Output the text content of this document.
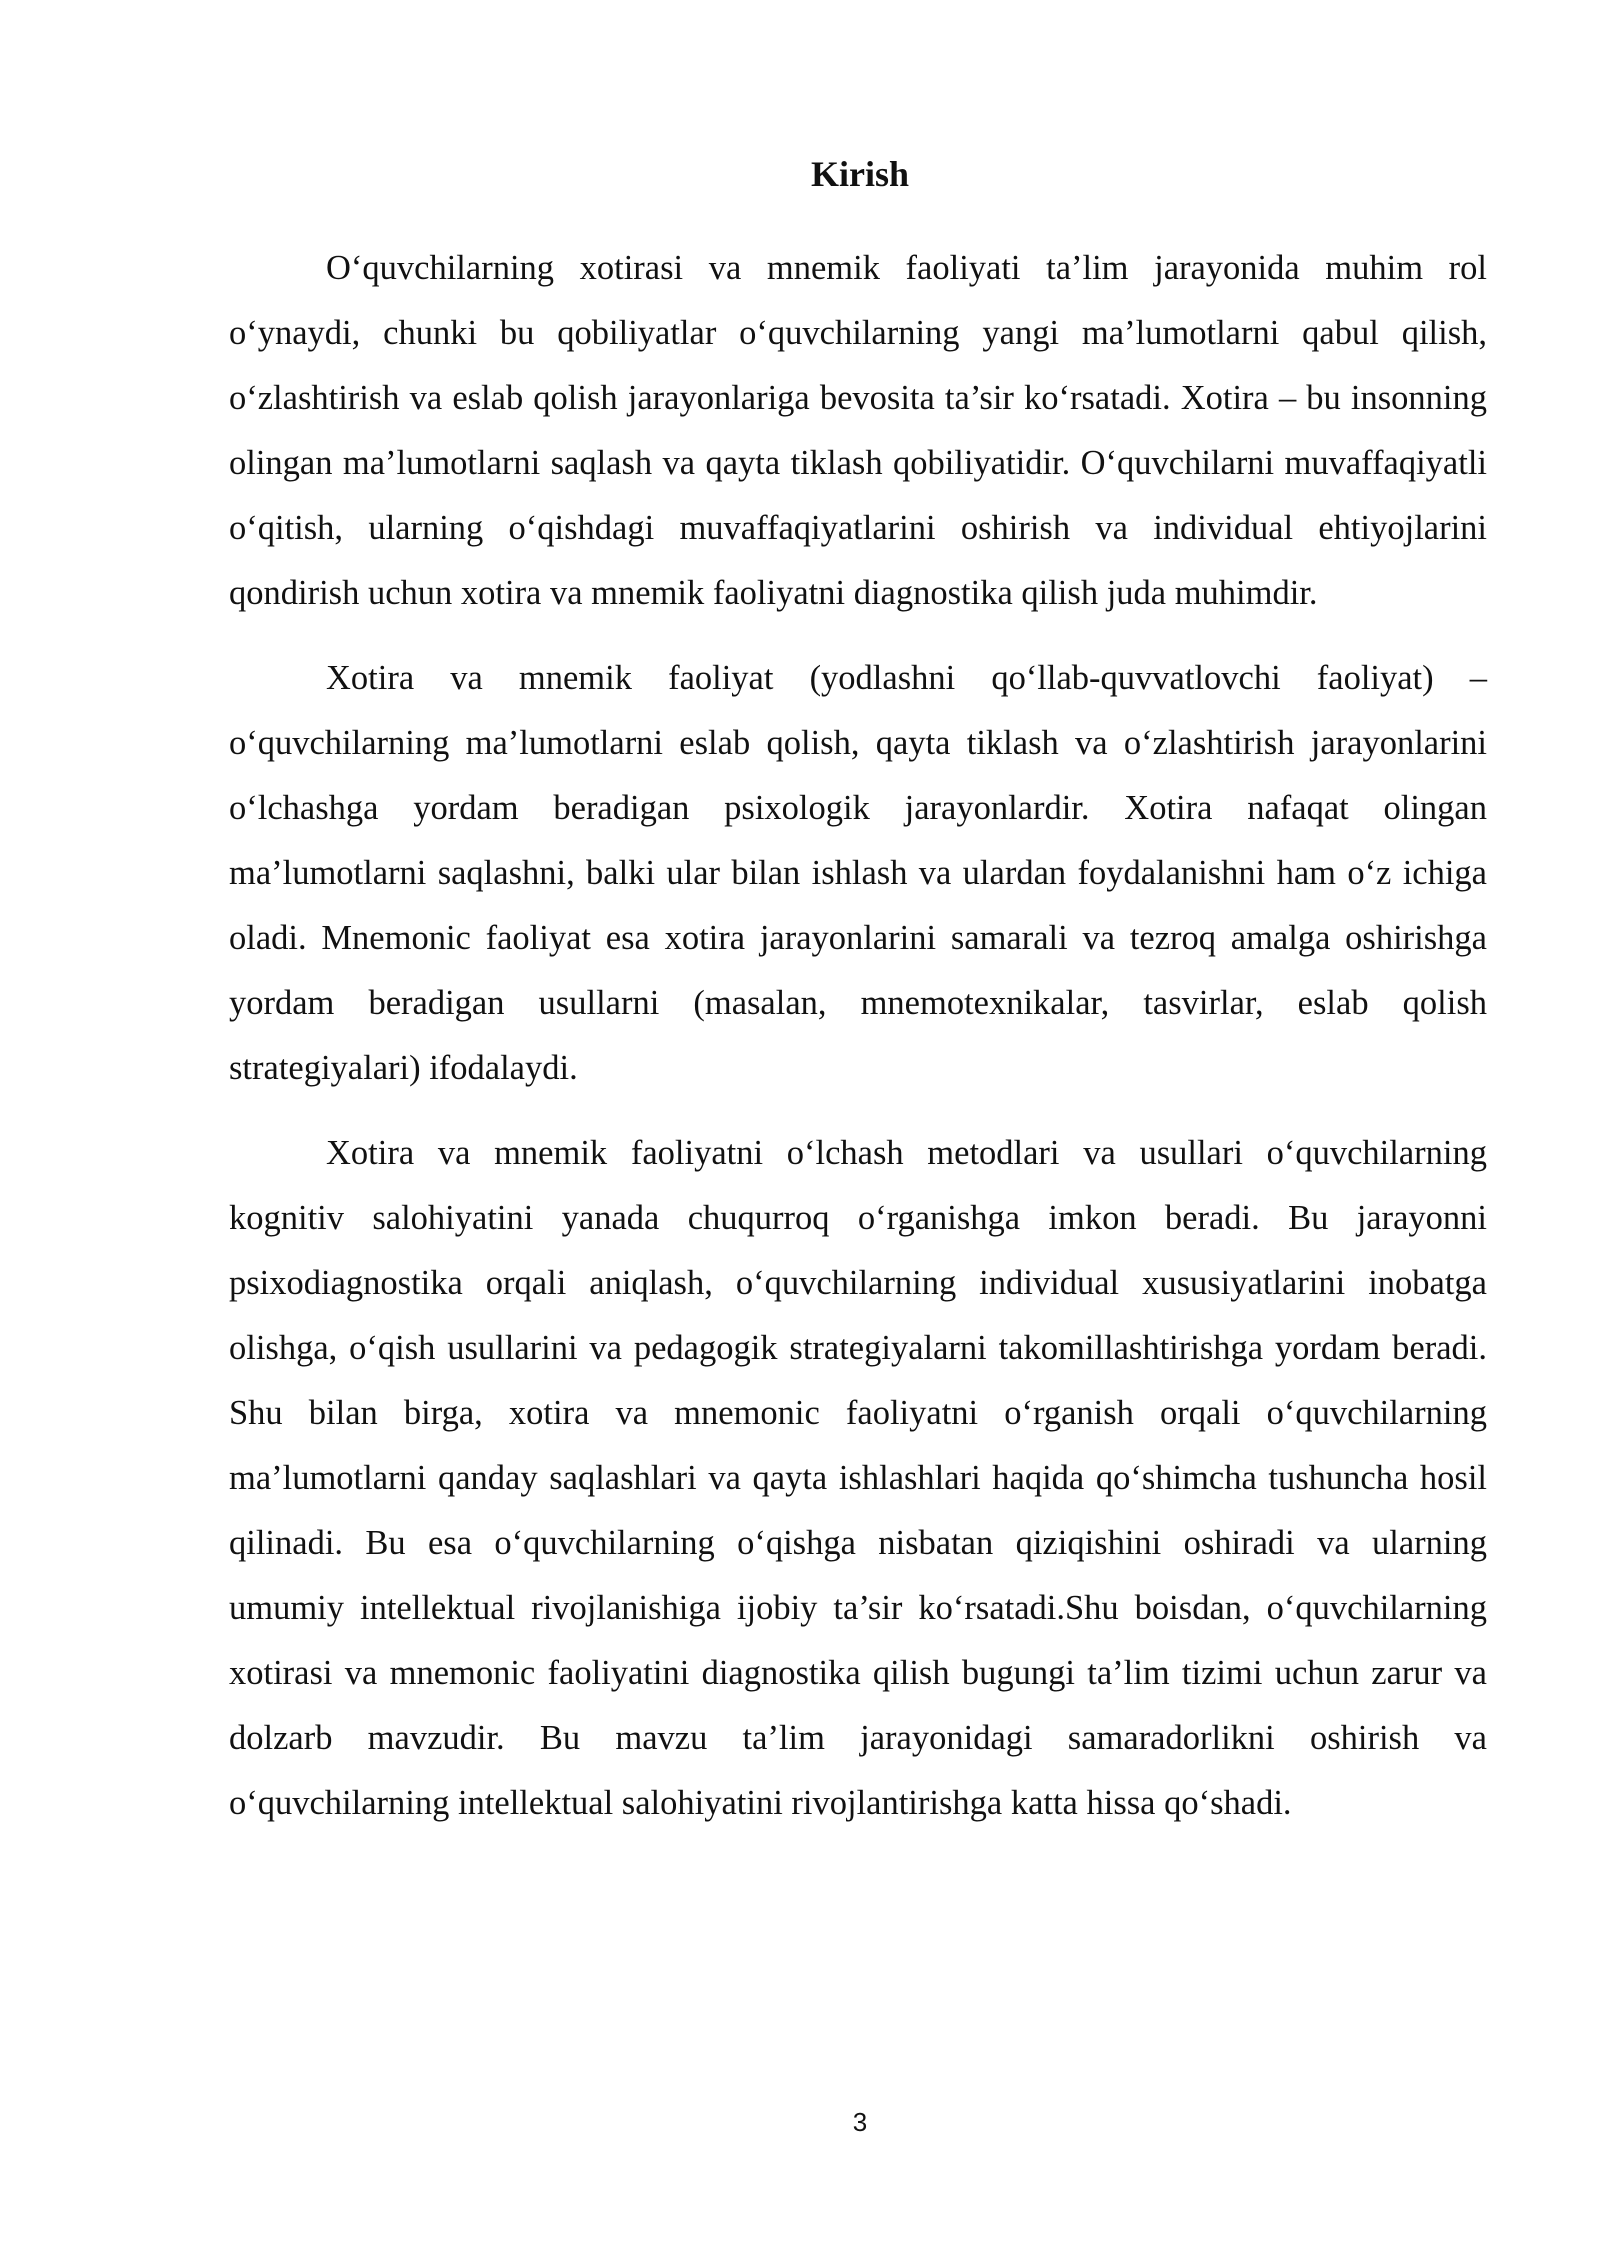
Kirish

O‘quvchilarning xotirasi va mnemik faoliyati ta’lim jarayonida muhim rol o‘ynaydi, chunki bu qobiliyatlar o‘quvchilarning yangi ma’lumotlarni qabul qilish, o‘zlashtirish va eslab qolish jarayonlariga bevosita ta’sir ko‘rsatadi. Xotira – bu insonning olingan ma’lumotlarni saqlash va qayta tiklash qobiliyatidir. O‘quvchilarni muvaffaqiyatli o‘qitish, ularning o‘qishdagi muvaffaqiyatlarini oshirish va individual ehtiyojlarini qondirish uchun xotira va mnemik faoliyatni diagnostika qilish juda muhimdir.

Xotira va mnemik faoliyat (yodlashni qo‘llab-quvvatlovchi faoliyat) – o‘quvchilarning ma’lumotlarni eslab qolish, qayta tiklash va o‘zlashtirish jarayonlarini o‘lchashga yordam beradigan psixologik jarayonlardir. Xotira nafaqat olingan ma’lumotlarni saqlashni, balki ular bilan ishlash va ulardan foydalanishni ham o‘z ichiga oladi. Mnemonic faoliyat esa xotira jarayonlarini samarali va tezroq amalga oshirishga yordam beradigan usullarni (masalan, mnemotexnikalar, tasvirlar, eslab qolish strategiyalari) ifodalaydi.

Xotira va mnemik faoliyatni o‘lchash metodlari va usullari o‘quvchilarning kognitiv salohiyatini yanada chuqurroq o‘rganishga imkon beradi. Bu jarayonni psixodiagnostika orqali aniqlash, o‘quvchilarning individual xususiyatlarini inobatga olishga, o‘qish usullarini va pedagogik strategiyalarni takomillashtirishga yordam beradi. Shu bilan birga, xotira va mnemonic faoliyatni o‘rganish orqali o‘quvchilarning ma’lumotlarni qanday saqlashlari va qayta ishlashlari haqida qo‘shimcha tushuncha hosil qilinadi. Bu esa o‘quvchilarning o‘qishga nisbatan qiziqishini oshiradi va ularning umumiy intellektual rivojlanishiga ijobiy ta’sir ko‘rsatadi.Shu boisdan, o‘quvchilarning xotirasi va mnemonic faoliyatini diagnostika qilish bugungi ta’lim tizimi uchun zarur va dolzarb mavzudir. Bu mavzu ta’lim jarayonidagi samaradorlikni oshirish va o‘quvchilarning intellektual salohiyatini rivojlantirishga katta hissa qo‘shadi.

3
